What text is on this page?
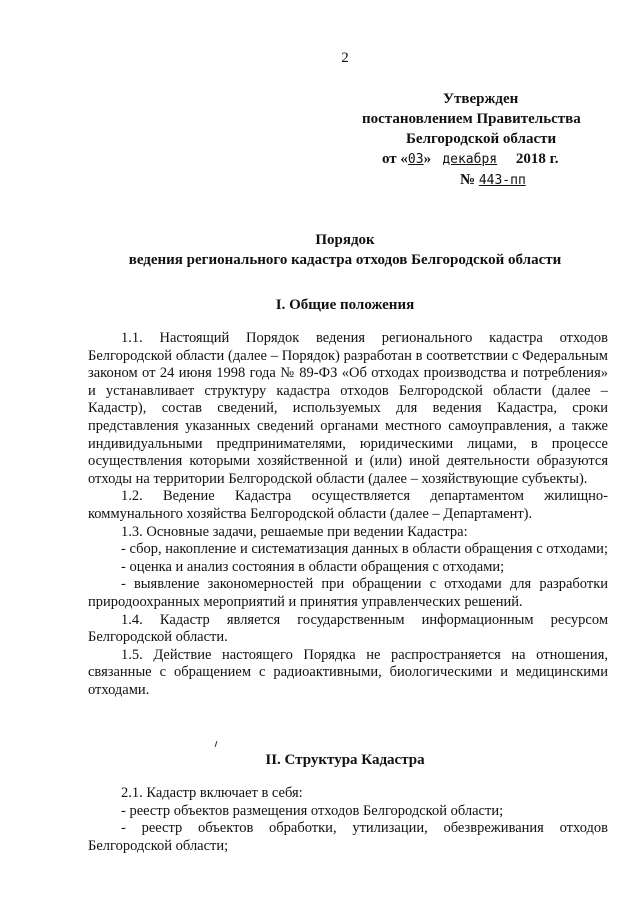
2
Утвержден
постановлением Правительства
Белгородской области
от «03» декабря 2018 г.
№ 443-пп
Порядок
ведения регионального кадастра отходов Белгородской области
I. Общие положения

1.1. Настоящий Порядок ведения регионального кадастра отходов Белгородской области (далее – Порядок) разработан в соответствии с Федеральным законом от 24 июня 1998 года № 89-ФЗ «Об отходах производства и потребления» и устанавливает структуру кадастра отходов Белгородской области (далее – Кадастр), состав сведений, используемых для ведения Кадастра, сроки представления указанных сведений органами местного самоуправления, а также индивидуальными предпринимателями, юридическими лицами, в процессе осуществления которыми хозяйственной и (или) иной деятельности образуются отходы на территории Белгородской области (далее – хозяйствующие субъекты).

1.2. Ведение Кадастра осуществляется департаментом жилищно-коммунального хозяйства Белгородской области (далее – Департамент).

1.3. Основные задачи, решаемые при ведении Кадастра:

- сбор, накопление и систематизация данных в области обращения с отходами;

- оценка и анализ состояния в области обращения с отходами;

- выявление закономерностей при обращении с отходами для разработки природоохранных мероприятий и принятия управленческих решений.

1.4. Кадастр является государственным информационным ресурсом Белгородской области.

1.5. Действие настоящего Порядка не распространяется на отношения, связанные с обращением с радиоактивными, биологическими и медицинскими отходами.

II. Структура Кадастра

2.1. Кадастр включает в себя:

- реестр объектов размещения отходов Белгородской области;

- реестр объектов обработки, утилизации, обезвреживания отходов Белгородской области;
